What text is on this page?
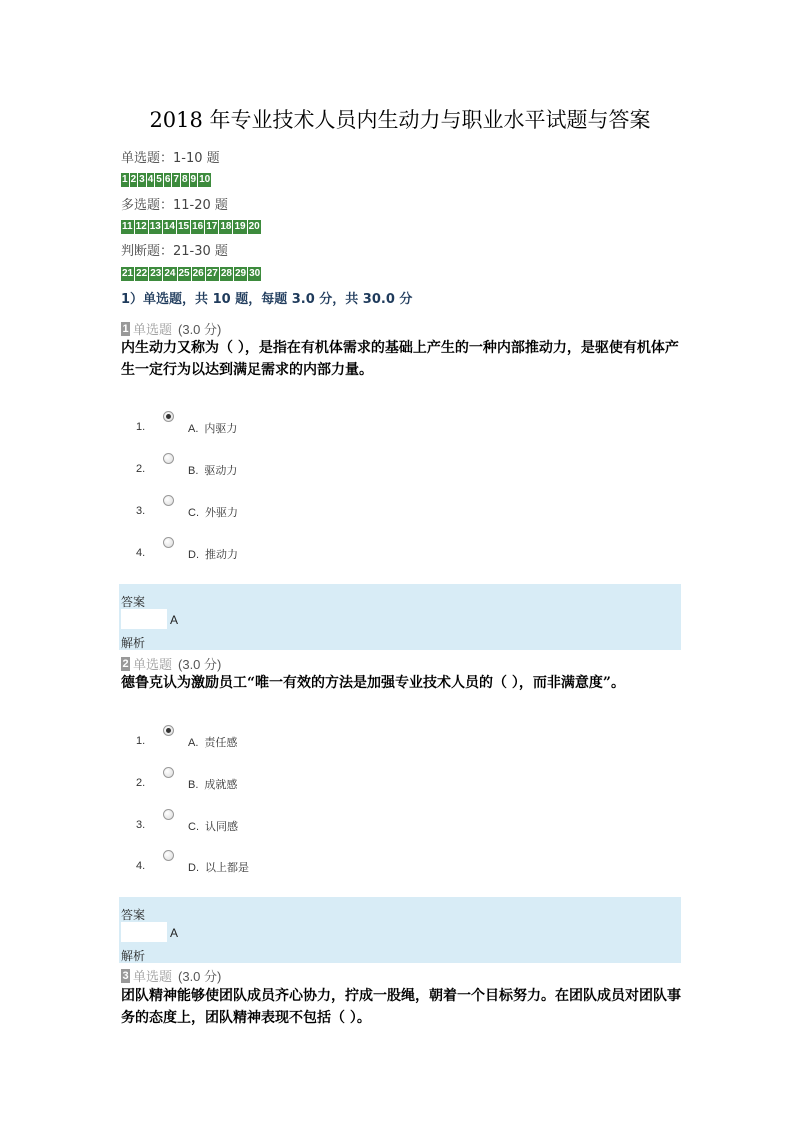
2018 年专业技术人员内生动力与职业水平试题与答案
单选题：1-10 题
1 2 3 4 5 6 7 8 9 10
多选题：11-20 题
11 12 13 14 15 16 17 18 19 20
判断题：21-30 题
21 22 23 24 25 26 27 28 29 30
1）单选题，共 10 题，每题 3.0 分，共 30.0 分
1 单选题 (3.0 分)
内生动力又称为（ ），是指在有机体需求的基础上产生的一种内部推动力，是驱使有机体产生一定行为以达到满足需求的内部力量。
1.	A. 内驱力
2.	B. 驱动力
3.	C. 外驱力
4.	D. 推动力
答案
A
解析
2 单选题 (3.0 分)
德鲁克认为激励员工“唯一有效的方法是加强专业技术人员的（ ），而非满意度”。
1.	A. 责任感
2.	B. 成就感
3.	C. 认同感
4.	D. 以上都是
答案
A
解析
3 单选题 (3.0 分)
团队精神能够使团队成员齐心协力，拧成一股绳，朝着一个目标努力。在团队成员对团队事务的态度上，团队精神表现不包括（ ）。
